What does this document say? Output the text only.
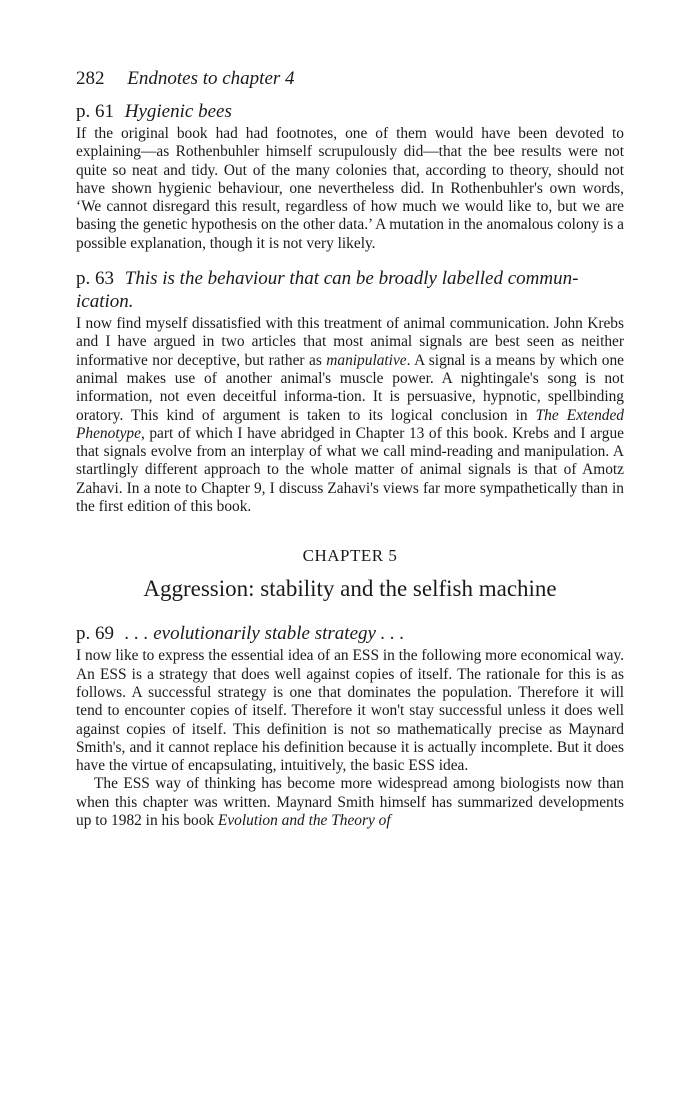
282 Endnotes to chapter 4
p. 61 Hygienic bees

If the original book had had footnotes, one of them would have been devoted to explaining—as Rothenbuhler himself scrupulously did—that the bee results were not quite so neat and tidy. Out of the many colonies that, according to theory, should not have shown hygienic behaviour, one nevertheless did. In Rothenbuhler's own words, ‘We cannot disregard this result, regardless of how much we would like to, but we are basing the genetic hypothesis on the other data.’ A mutation in the anomalous colony is a possible explanation, though it is not very likely.

p. 63 This is the behaviour that can be broadly labelled commun-ication.

I now find myself dissatisfied with this treatment of animal communication. John Krebs and I have argued in two articles that most animal signals are best seen as neither informative nor deceptive, but rather as manipulative. A signal is a means by which one animal makes use of another animal's muscle power. A nightingale's song is not information, not even deceitful informa-tion. It is persuasive, hypnotic, spellbinding oratory. This kind of argument is taken to its logical conclusion in The Extended Phenotype, part of which I have abridged in Chapter 13 of this book. Krebs and I argue that signals evolve from an interplay of what we call mind-reading and manipulation. A startlingly different approach to the whole matter of animal signals is that of Amotz Zahavi. In a note to Chapter 9, I discuss Zahavi's views far more sympathetically than in the first edition of this book.

CHAPTER 5
Aggression: stability and the selfish machine
p. 69 . . . evolutionarily stable strategy . . .

I now like to express the essential idea of an ESS in the following more economical way. An ESS is a strategy that does well against copies of itself. The rationale for this is as follows. A successful strategy is one that dominates the population. Therefore it will tend to encounter copies of itself. Therefore it won't stay successful unless it does well against copies of itself. This definition is not so mathematically precise as Maynard Smith's, and it cannot replace his definition because it is actually incomplete. But it does have the virtue of encapsulating, intuitively, the basic ESS idea.

The ESS way of thinking has become more widespread among biologists now than when this chapter was written. Maynard Smith himself has summarized developments up to 1982 in his book Evolution and the Theory of
